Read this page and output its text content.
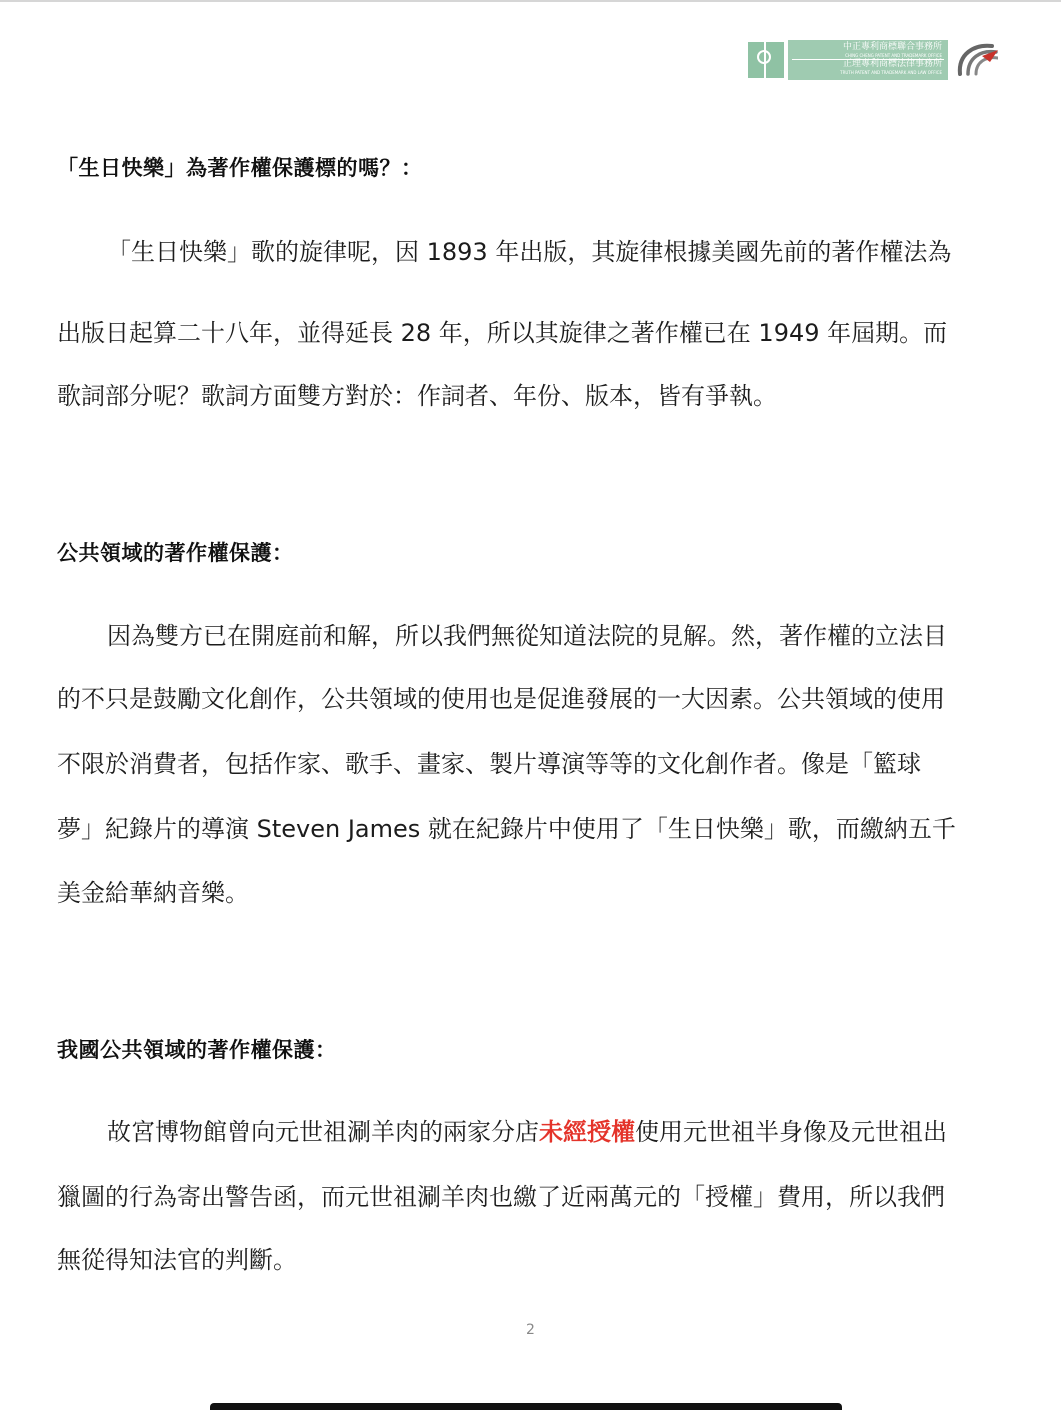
中正專利商標聯合事務所
CHING CHENG PATENT AND TRADEMARK OFFICE
正理專利商標法律事務所
TRUTH PATENT AND TRADEMARK AND LAW OFFICE
「生日快樂」為著作權保護標的嗎？：
「生日快樂」歌的旋律呢，因 1893 年出版，其旋律根據美國先前的著作權法為
出版日起算二十八年，並得延長 28 年，所以其旋律之著作權已在 1949 年屆期。而
歌詞部分呢？歌詞方面雙方對於：作詞者、年份、版本，皆有爭執。
公共領域的著作權保護：
因為雙方已在開庭前和解，所以我們無從知道法院的見解。然，著作權的立法目
的不只是鼓勵文化創作，公共領域的使用也是促進發展的一大因素。公共領域的使用
不限於消費者，包括作家、歌手、畫家、製片導演等等的文化創作者。像是「籃球
夢」紀錄片的導演 Steven James 就在紀錄片中使用了「生日快樂」歌，而繳納五千
美金給華納音樂。
我國公共領域的著作權保護：
故宮博物館曾向元世祖涮羊肉的兩家分店未經授權使用元世祖半身像及元世祖出
獵圖的行為寄出警告函，而元世祖涮羊肉也繳了近兩萬元的「授權」費用，所以我們
無從得知法官的判斷。
2
